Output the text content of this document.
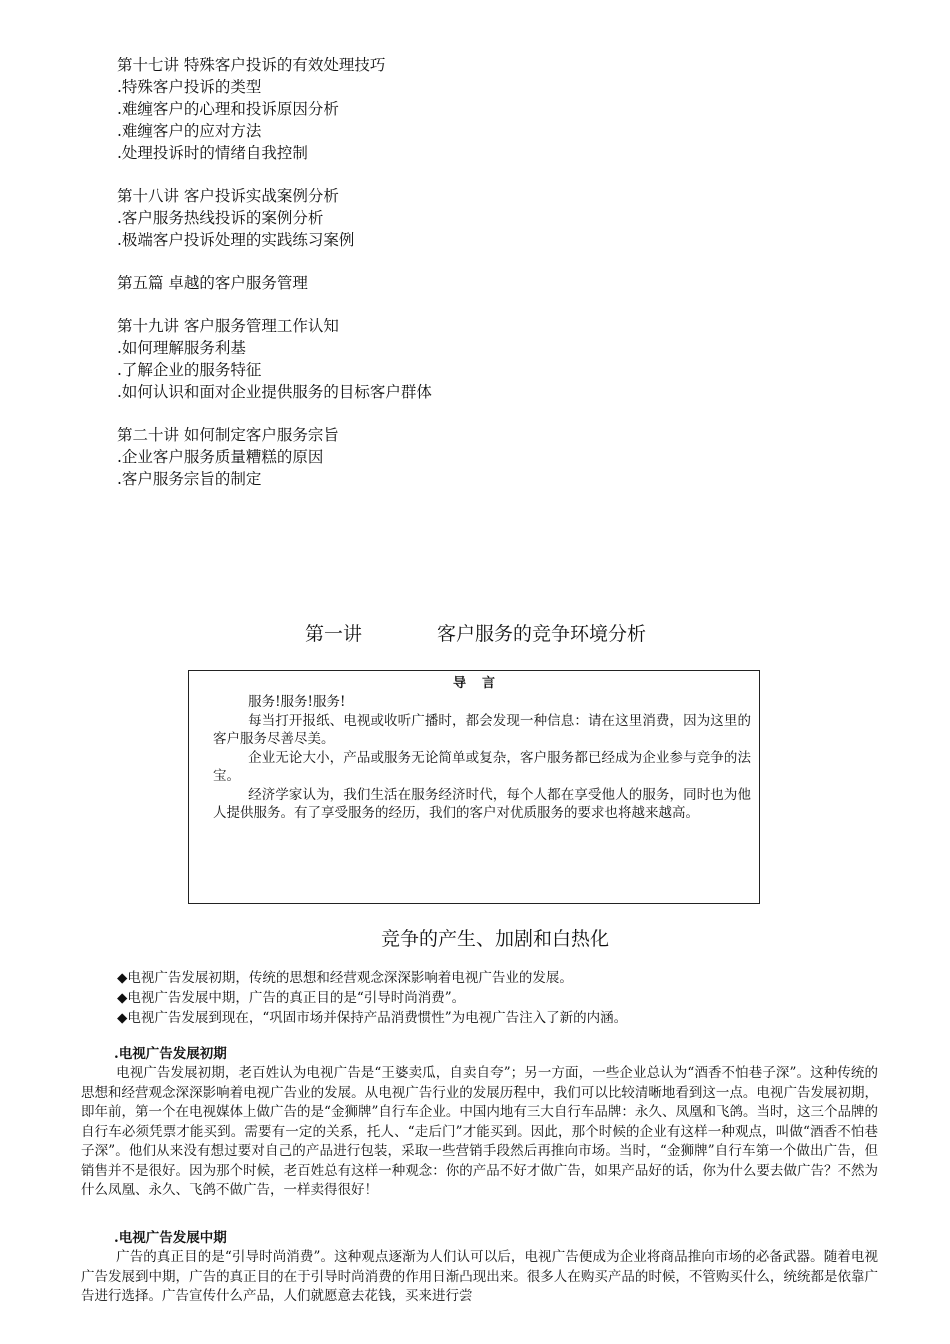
第十七讲 特殊客户投诉的有效处理技巧
.特殊客户投诉的类型
.难缠客户的心理和投诉原因分析
.难缠客户的应对方法
.处理投诉时的情绪自我控制
第十八讲 客户投诉实战案例分析
.客户服务热线投诉的案例分析
.极端客户投诉处理的实践练习案例
第五篇 卓越的客户服务管理
第十九讲 客户服务管理工作认知
.如何理解服务利基
.了解企业的服务特征
.如何认识和面对企业提供服务的目标客户群体
第二十讲 如何制定客户服务宗旨
.企业客户服务质量糟糕的原因
.客户服务宗旨的制定
第一讲	客户服务的竞争环境分析
导言

服务!服务!服务!

每当打开报纸、电视或收听广播时，都会发现一种信息：请在这里消费，因为这里的客户服务尽善尽美。

企业无论大小，产品或服务无论简单或复杂，客户服务都已经成为企业参与竞争的法宝。

经济学家认为，我们生活在服务经济时代，每个人都在享受他人的服务，同时也为他人提供服务。有了享受服务的经历，我们的客户对优质服务的要求也将越来越高。

竞争的产生、加剧和白热化
◆电视广告发展初期，传统的思想和经营观念深深影响着电视广告业的发展。
◆电视广告发展中期，广告的真正目的是“引导时尚消费”。
◆电视广告发展到现在，“巩固市场并保持产品消费惯性”为电视广告注入了新的内涵。
.电视广告发展初期

电视广告发展初期，老百姓认为电视广告是“王婆卖瓜，自卖自夸”；另一方面，一些企业总认为“酒香不怕巷子深”。这种传统的思想和经营观念深深影响着电视广告业的发展。从电视广告行业的发展历程中，我们可以比较清晰地看到这一点。电视广告发展初期，即年前，第一个在电视媒体上做广告的是“金狮牌”自行车企业。中国内地有三大自行车品牌：永久、凤凰和飞鸽。当时，这三个品牌的自行车必须凭票才能买到。需要有一定的关系，托人、“走后门”才能买到。因此，那个时候的企业有这样一种观点，叫做“酒香不怕巷子深”。他们从来没有想过要对自己的产品进行包装，采取一些营销手段然后再推向市场。当时，“金狮牌”自行车第一个做出广告，但销售并不是很好。因为那个时候，老百姓总有这样一种观念：你的产品不好才做广告，如果产品好的话，你为什么要去做广告？不然为什么凤凰、永久、飞鸽不做广告，一样卖得很好！

.电视广告发展中期

广告的真正目的是“引导时尚消费”。这种观点逐渐为人们认可以后，电视广告便成为企业将商品推向市场的必备武器。随着电视广告发展到中期，广告的真正目的在于引导时尚消费的作用日渐凸现出来。很多人在购买产品的时候，不管购买什么，统统都是依靠广告进行选择。广告宣传什么产品，人们就愿意去花钱，买来进行尝
